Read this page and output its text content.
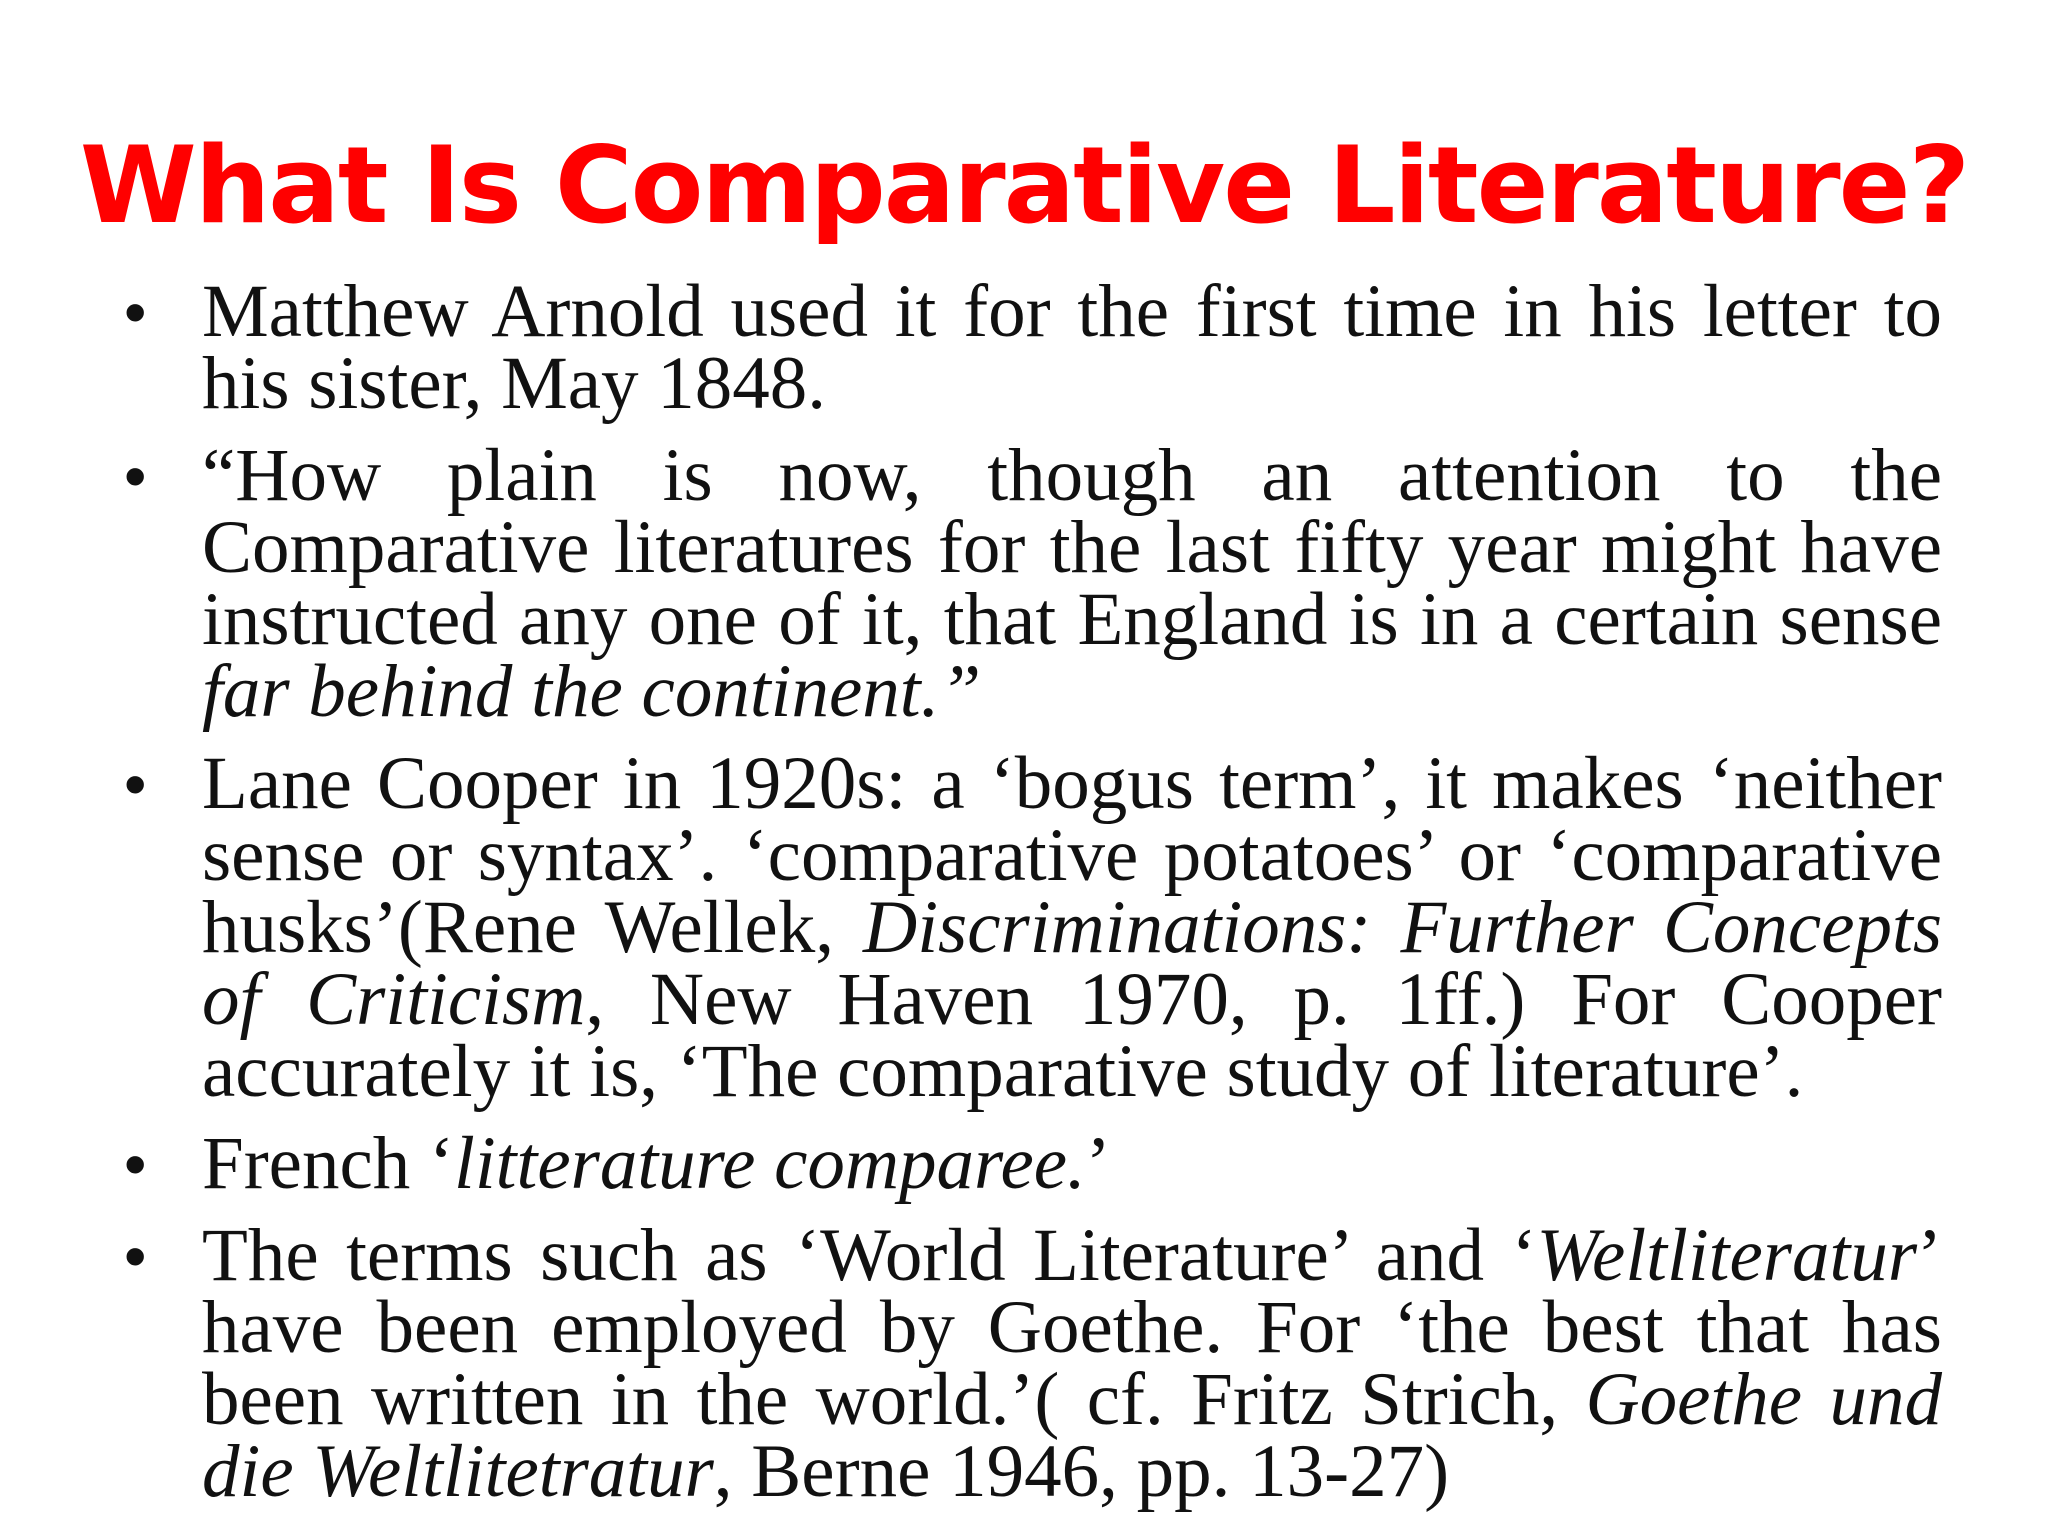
What Is Comparative Literature?
• Matthew Arnold used it for the first time in his letter to his sister, May 1848.
• “How plain is now, though an attention to the Comparative literatures for the last fifty year might have instructed any one of it, that England is in a certain sense far behind the continent.”
• Lane Cooper in 1920s: a ‘bogus term’, it makes ‘neither sense or syntax’. ‘comparative potatoes’ or ‘comparative husks’(Rene Wellek, Discriminations: Further Concepts of Criticism, New Haven 1970, p. 1ff.) For Cooper accurately it is, ‘The comparative study of literature’.
• French ‘litterature comparee.’
• The terms such as ‘World Literature’ and ‘Weltliteratur’ have been employed by Goethe. For ‘the best that has been written in the world.’( cf. Fritz Strich, Goethe und die Weltlitetratur, Berne 1946, pp. 13-27)
